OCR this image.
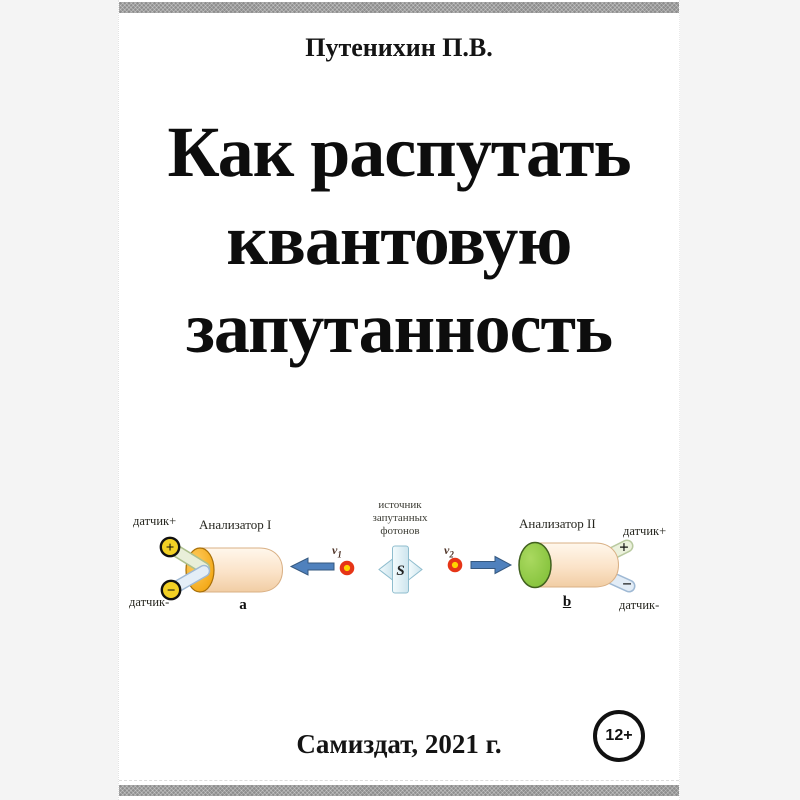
Путенихин П.В.
Как распутать
квантовую
запутанность
+
−
S
+
−
датчик+ Анализатор I
датчик-	a
$v_1$
источник
запутанных
фотонов
$v_2$
Анализатор II датчик+
датчик-
b
Самиздат, 2021 г.	12+
